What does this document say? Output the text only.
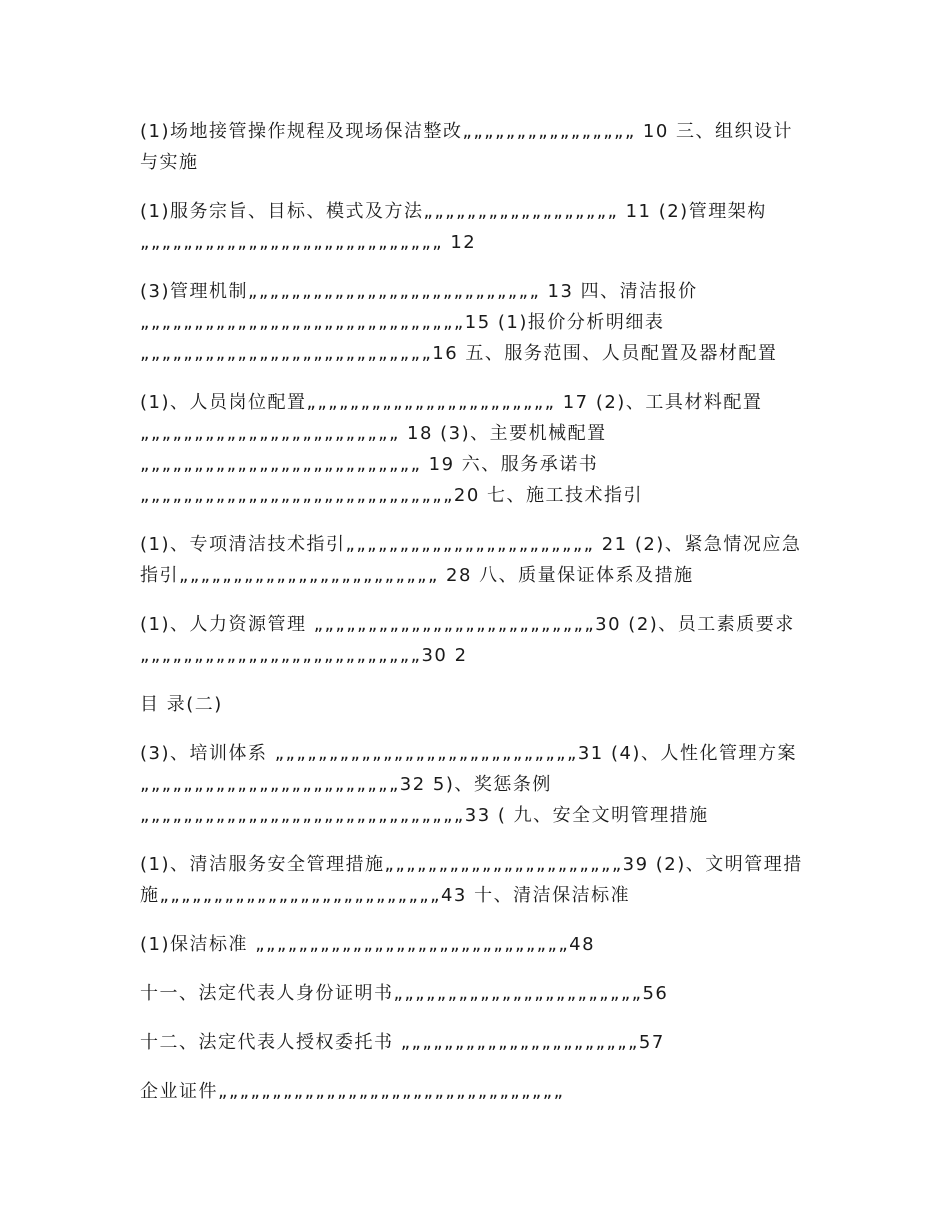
(1)场地接管操作规程及现场保洁整改„„„„„„„„„„„„„„„„ 10 三、组织设计与实施

(1)服务宗旨、目标、模式及方法„„„„„„„„„„„„„„„„„„ 11 (2)管理架构„„„„„„„„„„„„„„„„„„„„„„„„„„„„ 12

(3)管理机制„„„„„„„„„„„„„„„„„„„„„„„„„„„ 13 四、清洁报价 „„„„„„„„„„„„„„„„„„„„„„„„„„„„„„15 (1)报价分析明细表„„„„„„„„„„„„„„„„„„„„„„„„„„„16 五、服务范围、人员配置及器材配置

(1)、人员岗位配置„„„„„„„„„„„„„„„„„„„„„„„ 17 (2)、工具材料配置„„„„„„„„„„„„„„„„„„„„„„„„ 18 (3)、主要机械配置„„„„„„„„„„„„„„„„„„„„„„„„„„ 19 六、服务承诺书„„„„„„„„„„„„„„„„„„„„„„„„„„„„„20 七、施工技术指引

(1)、专项清洁技术指引„„„„„„„„„„„„„„„„„„„„„„„ 21 (2)、紧急情况应急指引„„„„„„„„„„„„„„„„„„„„„„„„ 28 八、质量保证体系及措施

(1)、人力资源管理 „„„„„„„„„„„„„„„„„„„„„„„„„„30 (2)、员工素质要求 „„„„„„„„„„„„„„„„„„„„„„„„„„30 2

目 录(二)

(3)、培训体系 „„„„„„„„„„„„„„„„„„„„„„„„„„„„31 (4)、人性化管理方案 „„„„„„„„„„„„„„„„„„„„„„„„32 5)、奖惩条例 „„„„„„„„„„„„„„„„„„„„„„„„„„„„„„33 ( 九、安全文明管理措施

(1)、清洁服务安全管理措施„„„„„„„„„„„„„„„„„„„„„„39 (2)、文明管理措施„„„„„„„„„„„„„„„„„„„„„„„„„„43 十、清洁保洁标准

(1)保洁标准 „„„„„„„„„„„„„„„„„„„„„„„„„„„„„48

十一、法定代表人身份证明书„„„„„„„„„„„„„„„„„„„„„„„56

十二、法定代表人授权委托书 „„„„„„„„„„„„„„„„„„„„„„57

企业证件„„„„„„„„„„„„„„„„„„„„„„„„„„„„„„„„
